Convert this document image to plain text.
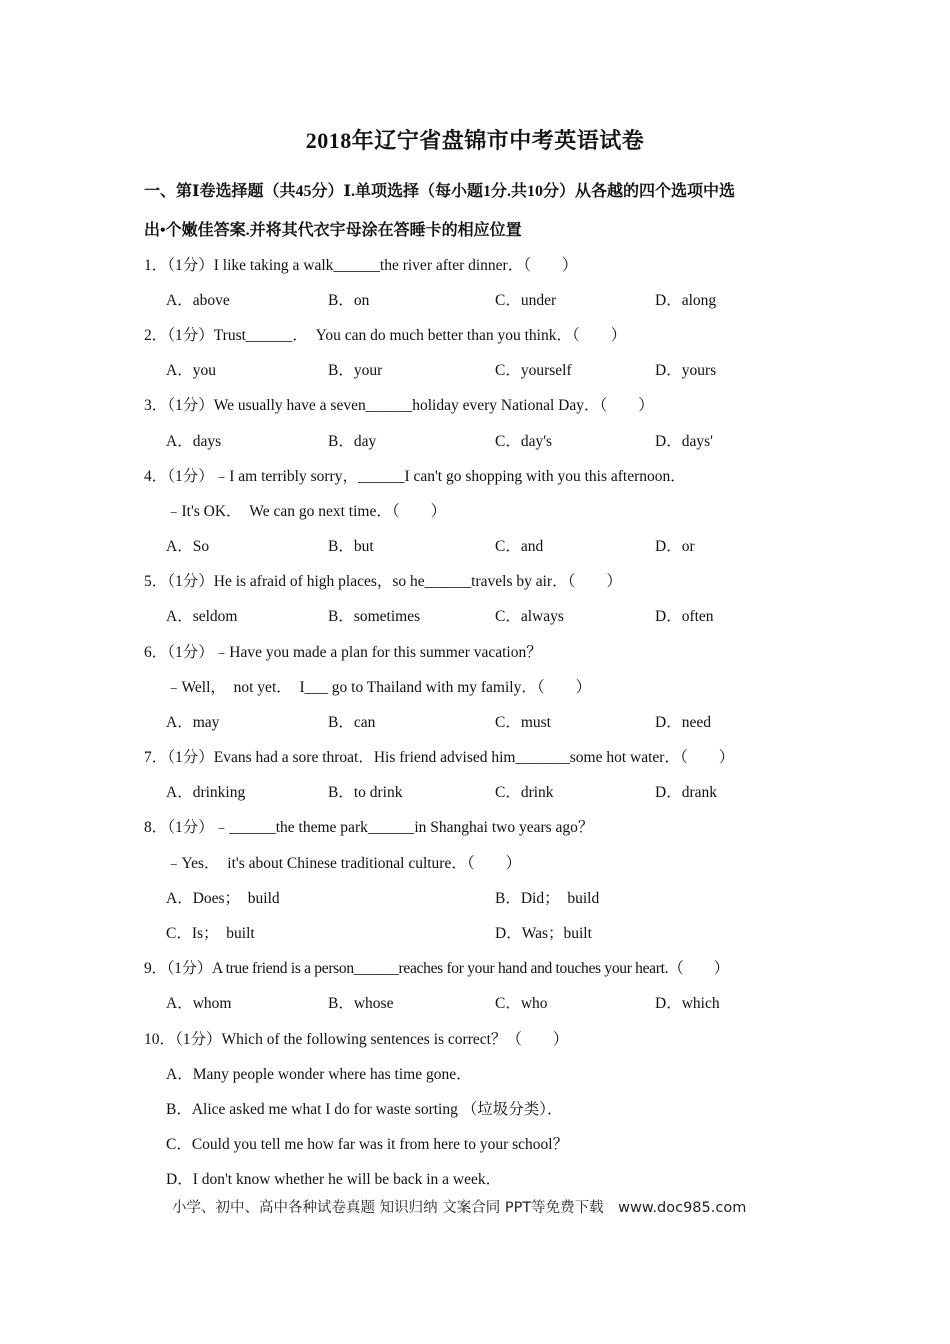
2018年辽宁省盘锦市中考英语试卷
一、第Ⅰ卷选择题（共45分）Ⅰ.单项选择（每小题1分.共10分）从各越的四个选项中选
出•个嫩佳答案.并将其代衣宇母涂在答睡卡的相应位置
1．（1分）I like taking a walk______the river after dinner．（　　）
A．above	B．on	C．under	D．along
2．（1分）Trust______．　You can do much better than you think．（　　）
A．you	B．your	C．yourself	D．yours
3．（1分）We usually have a seven______holiday every National Day．（　　）
A．days	B．day	C．day's	D．days'
4．（1分）﹣I am terribly sorry，______I can't go shopping with you this afternoon．
﹣It's OK．　We can go next time．（　　）
A．So	B．but	C．and	D．or
5．（1分）He is afraid of high places，so he______travels by air．（　　）
A．seldom	B．sometimes	C．always	D．often
6．（1分）﹣Have you made a plan for this summer vacation？
﹣Well，　not yet．　I___ go to Thailand with my family．（　　）
A．may	B．can	C．must	D．need
7．（1分）Evans had a sore throat．His friend advised him_______some hot water．（　　）
A．drinking	B．to drink	C．drink	D．drank
8．（1分）﹣______the theme park______in Shanghai two years ago？
﹣Yes．　it's about Chinese traditional culture．（　　）
A．Does；　build	B．Did；　build
C．Is；　built	D．Was；built
9．（1分）A true friend is a person______reaches for your hand and touches your heart.（　　）
A．whom	B．whose	C．who	D．which
10．（1分）Which of the following sentences is correct？（　　）
A．Many people wonder where has time gone．
B．Alice asked me what I do for waste sorting （垃圾分类）．
C．Could you tell me how far was it from here to your school？
D．I don't know whether he will be back in a week．
小学、初中、高中各种试卷真题 知识归纳 文案合同 PPT等免费下载　www.doc985.com
